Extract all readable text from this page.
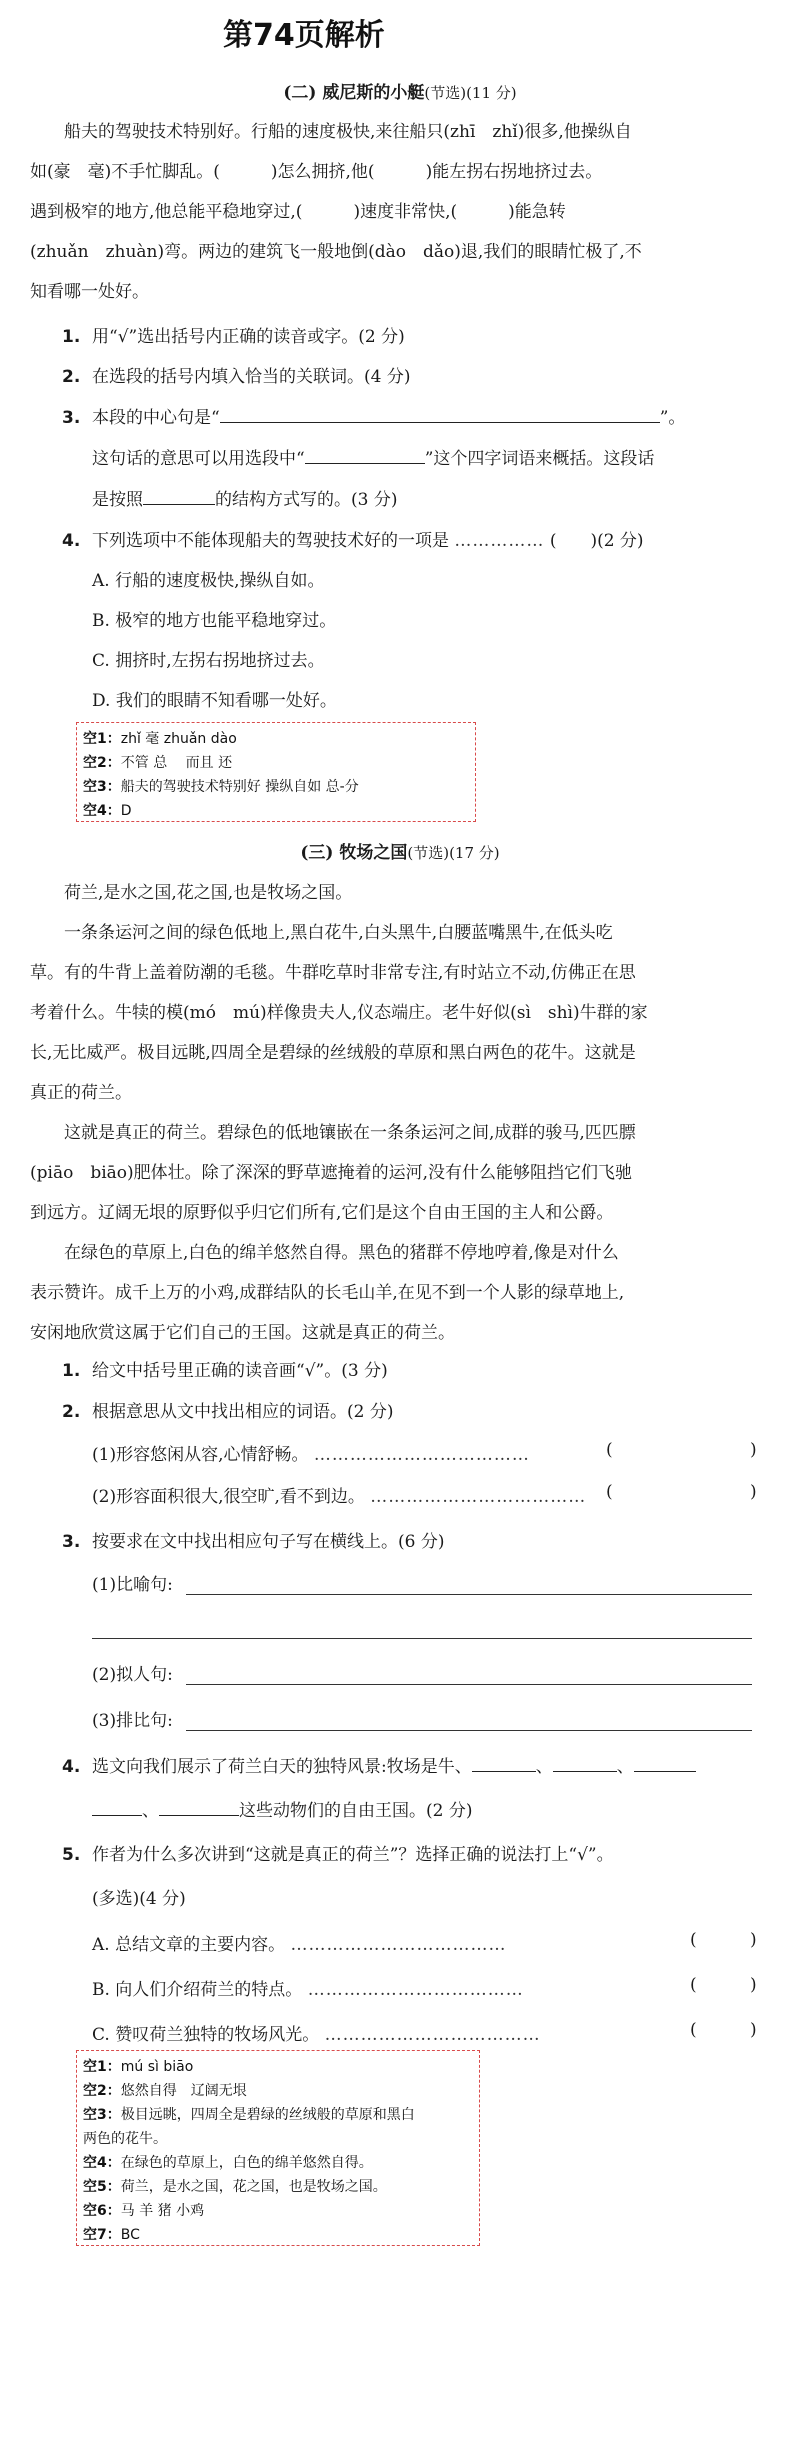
第74页解析
(二) 威尼斯的小艇(节选)(11 分)
船夫的驾驶技术特别好。行船的速度极快,来往船只(zhī　zhǐ)很多,他操纵自
如(豪　毫)不手忙脚乱。(　　　)怎么拥挤,他(　　　)能左拐右拐地挤过去。
遇到极窄的地方,他总能平稳地穿过,(　　　)速度非常快,(　　　)能急转
(zhuǎn　zhuàn)弯。两边的建筑飞一般地倒(dào　dǎo)退,我们的眼睛忙极了,不
知看哪一处好。
1. 用“√”选出括号内正确的读音或字。(2 分)
2. 在选段的括号内填入恰当的关联词。(4 分)
3. 本段的中心句是“	”。
这句话的意思可以用选段中“	”这个四字词语来概括。这段话
是按照	的结构方式写的。(3 分)
4. 下列选项中不能体现船夫的驾驶技术好的一项是 …………… (　　)(2 分)
A. 行船的速度极快,操纵自如。
B. 极窄的地方也能平稳地穿过。
C. 拥挤时,左拐右拐地挤过去。
D. 我们的眼睛不知看哪一处好。
空1：zhǐ 毫 zhuǎn dào
空2：不管 总　 而且 还
空3：船夫的驾驶技术特别好 操纵自如 总-分
空4：D
(三) 牧场之国(节选)(17 分)
荷兰,是水之国,花之国,也是牧场之国。
一条条运河之间的绿色低地上,黑白花牛,白头黑牛,白腰蓝嘴黑牛,在低头吃
草。有的牛背上盖着防潮的毛毯。牛群吃草时非常专注,有时站立不动,仿佛正在思
考着什么。牛犊的模(mó　mú)样像贵夫人,仪态端庄。老牛好似(sì　shì)牛群的家
长,无比威严。极目远眺,四周全是碧绿的丝绒般的草原和黑白两色的花牛。这就是
真正的荷兰。
这就是真正的荷兰。碧绿色的低地镶嵌在一条条运河之间,成群的骏马,匹匹膘
(piāo　biāo)肥体壮。除了深深的野草遮掩着的运河,没有什么能够阻挡它们飞驰
到远方。辽阔无垠的原野似乎归它们所有,它们是这个自由王国的主人和公爵。
在绿色的草原上,白色的绵羊悠然自得。黑色的猪群不停地哼着,像是对什么
表示赞许。成千上万的小鸡,成群结队的长毛山羊,在见不到一个人影的绿草地上,
安闲地欣赏这属于它们自己的王国。这就是真正的荷兰。
1. 给文中括号里正确的读音画“√”。(3 分)
2. 根据意思从文中找出相应的词语。(2 分)
(1)形容悠闲从容,心情舒畅。 ………………………………	(	)
(2)形容面积很大,很空旷,看不到边。 ……………………………… (	)
3. 按要求在文中找出相应句子写在横线上。(6 分)
(1)比喻句:
(2)拟人句:
(3)排比句:
4. 选文向我们展示了荷兰白天的独特风景:牧场是牛、	、	、
、	这些动物们的自由王国。(2 分)
5. 作者为什么多次讲到“这就是真正的荷兰”？选择正确的说法打上“√”。
(多选)(4 分)
A. 总结文章的主要内容。 ………………………………	(	)
B. 向人们介绍荷兰的特点。 ………………………………	(	)
C. 赞叹荷兰独特的牧场风光。 ………………………………	(	)
空1：mú sì biāo
空2：悠然自得　辽阔无垠
空3：极目远眺，四周全是碧绿的丝绒般的草原和黑白
两色的花牛。
空4：在绿色的草原上，白色的绵羊悠然自得。
空5：荷兰，是水之国，花之国，也是牧场之国。
空6：马 羊 猪 小鸡
空7：BC
